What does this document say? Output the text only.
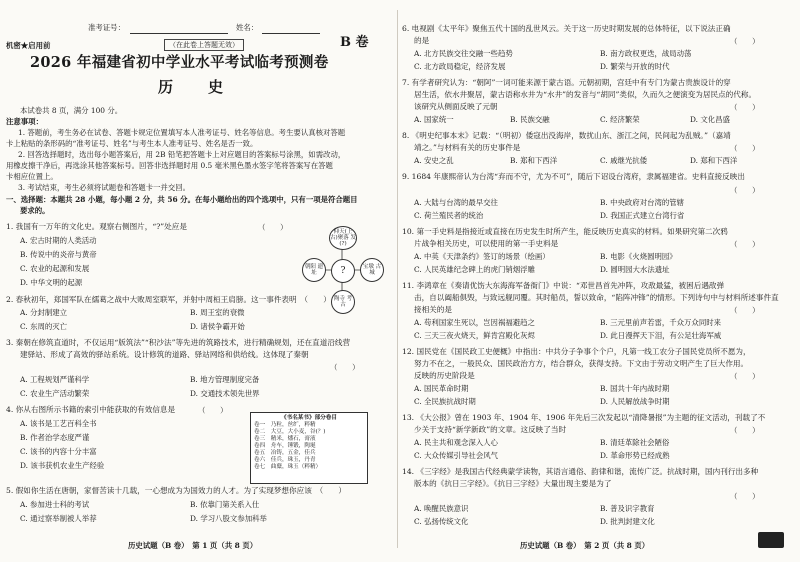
准考证号：	姓名：
机密★启用前	（在此卷上答题无效）	B 卷
2026 年福建省初中学业水平考试临考预测卷
历　史
本试卷共 8 页，满分 100 分。
注意事项：
1. 答题前，考生务必在试卷、答题卡规定位置填写本人准考证号、姓名等信息。考生要认真核对答题
卡上粘贴的条形码的“准考证号、姓名”与考生本人准考证号、姓名是否一致。
2. 回答选择题时，选出每小题答案后，用 2B 铅笔把答题卡上对应题目的答案标号涂黑，如需改动，
用橡皮擦干净后，再选涂其他答案标号。回答非选择题时用 0.5 毫米黑色墨水签字笔将答案写在答题
卡相应位置上。
3. 考试结束，考生必须将试题卷和答题卡一并交回。
一、选择题：本题共 28 小题，每小题 2 分，共 56 分。在每小题给出的四个选项中，只有一项是符合题目
要求的。
1. 我国有一万年的文化史。观察右侧图片，“?”处应是	（　　）
A. 宏古时期的人类活动
B. 传说中的炎帝与黄帝
C. 农业的起源和发展
D. 中华文明的起源
仰天(上古)聚落 发(?)
朝阳 遗址	?	宝墩 古城
陶寺 考古
2. 春秋初年，郑国军队在繻葛之战中大败周室联军，并射中周桓王肩膀。这一事件表明　（　　）
A. 分封制建立	B. 周王室的衰微
C. 东周的灭亡	D. 诸侯争霸开始
3. 秦朝在修筑直道时，不仅运用“版筑法”“积沙法”等先进的筑路技术，进行精确规划，还在直道沿线营
建驿站、形成了高效的驿站系统。设计修筑的道路、驿站网络和供给线。这体现了秦朝
（　　）
A. 工程规划严谨科学	B. 地方管理制度完备
C. 农业生产活动繁荣	D. 交通技术领先世界
4. 你从右图所示书籍的索引中能获取的有效信息是	（　　）
A. 该书是工艺百科全书
B. 作者治学态度严谨
C. 该书的内容十分丰富
D. 该书获机农业生产经验
《书名某书》部分卷目
卷一　乃粒，丝纩，粹精
卷二　大豆，大小麦，谷(？)
卷三　精米，燔石，膏液
卷四　舟车，锤锻，陶埏
卷五　冶铸，五金，佳兵
卷六　佳兵，珠玉，丹青
卷七　曲糵，珠玉（粹精）
5. 假如你生活在唐朝，家督苦读十几载，一心想成为为国效力的人才。为了实现梦想你应该　（　　）
A. 参加进士科的考试	B. 依靠门第关系入仕
C. 通过察举制被人举荐	D. 学习八股文参加科举
历史试题（B 卷）　第 1 页（共 8 页）
6. 电视剧《太平年》聚焦五代十国的乱世风云。关于这一历史时期发展的总体特征，以下说法正确
的是	（　　）
A. 北方民族交往交融一些趋势	B. 南方政权更迭，战局动荡
C. 北方政局稳定，经济发展	D. 繁荣与开放的时代
7. 有学者研究认为：“朝阿”一词可能来源于蒙古语。元朝初期，宫廷中有专门为蒙古贵族设计的穿
居生活，依水井聚居，蒙古语称水井为“水井”的发音与“胡同”类似，久而久之便演变为居民点的代称。
该研究从侧面反映了元朝	（　　）
A. 国家统一	B. 民族交融	C. 经济繁荣	D. 文化昌盛
8. 《明史纪事本末》记载：“（明初）倭寇出没海岸，数扰山东、浙江之间，民间起为乱贼。”（嘉靖
靖之。”与材料有关的历史事件是	（　　）
A. 安史之乱	B. 郑和下西洋	C. 戚继光抗倭	D. 郑和下西洋
9. 1684 年康熙帝认为台湾“弃而不守，尤为不可”，随后下诏设台湾府，隶属福建省。史料直接反映出
（　　）
A. 大陆与台湾的最早交往	B. 中央政府对台湾的管辖
C. 荷兰殖民者的统治	D. 我国正式建立台湾行省
10. 第一手史料是指接近或直接在历史发生时所产生，能反映历史真实的材料。如果研究第二次鸦
片战争相关历史，可以使用的第一手史料是	（　　）
A. 中英《天津条约》签订的场景（绘画）	B. 电影《火烧圆明园》
C. 人民英雄纪念碑上的虎门销烟浮雕	D. 圆明园大水法遗址
11. 李鸿章在《奏请优饬大东海海军备衙门》中说：“邓世昌首先冲阵，攻敌最猛，被困后遇敌弹
击，自以阖船俱毁，与致远舰同覆。其时船员，誓以致命，“陷阵冲锋”的情形。下列诗句中与材料所述事件直
接相关的是	（　　）
A. 苟利国家生死以，岂因祸福避趋之	B. 三元里前声若雷，千众万众同时来
C. 三天三夜火烧天，鲜肯宫殿化灰烬	D. 此日漫挥天下泪，有公足壮海军威
12. 国民党在《国民政工史便概》中指出：中共分子争事个个户，凡第一线工农分子国民党员所不愿为，
努力不在之，一般民众、国民政治方方，结合群众，获得支持。下文由于劳动文明产生了巨大作用。
反映的历史阶段是	（　　）
A. 国民革命时期	B. 国共十年内战时期
C. 全民族抗战时期	D. 人民解放战争时期
13. 《大公报》曾在 1903 年、1904 年、1906 年先后三次发起以“清降暑报”为主题的征文活动，刊载了不
少关于支持“新学新政”的文章。这反映了当时	（　　）
A. 民主共和观念深入人心	B. 清廷革除社会陋俗
C. 大众传媒引导社会风气	D. 革命形势已经成熟
14. 《三字经》是我国古代经典蒙学读物，其语言通俗、韵律和谐，流传广泛。抗战时期，国内刊行出多种
版本的《抗日三字经》。《抗日三字经》大量出现主要是为了
（　　）
A. 唤醒民族意识	B. 普及识字教育
C. 弘扬传统文化	D. 批判封建文化
历史试题（B 卷）　第 2 页（共 8 页）
